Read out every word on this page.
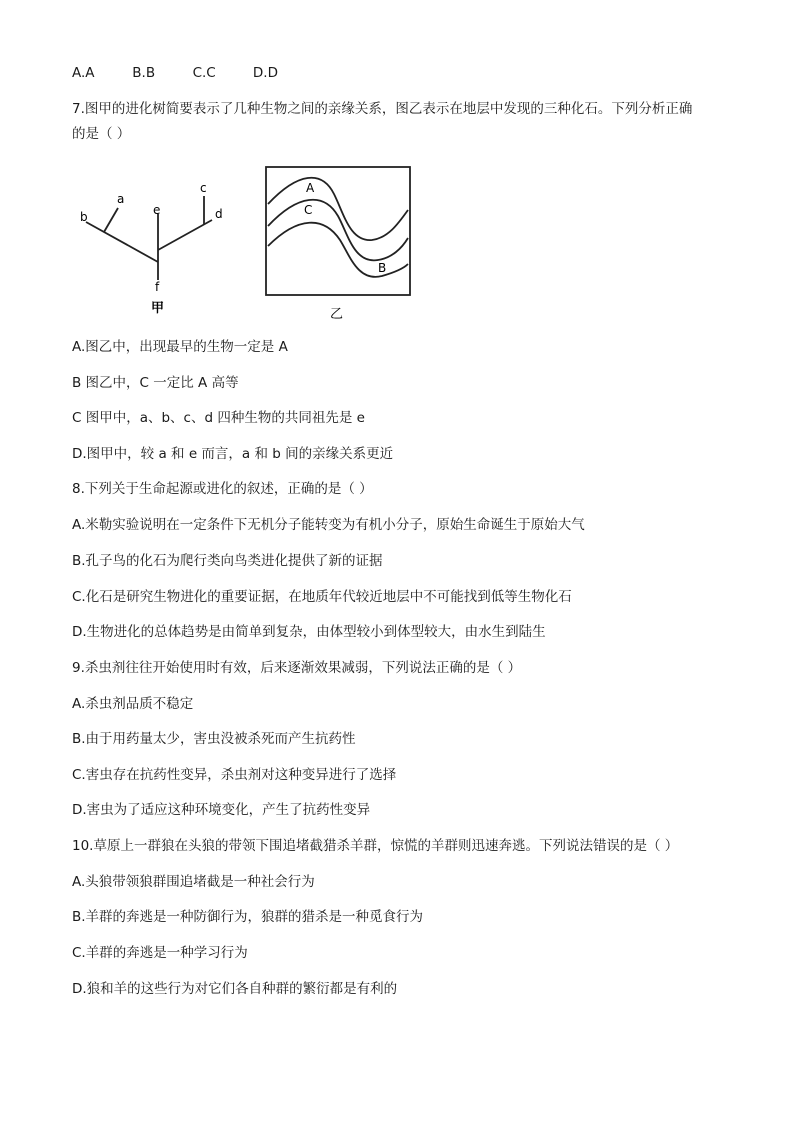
A.A	B.B	C.C	D.D
7.图甲的进化树简要表示了几种生物之间的亲缘关系，图乙表示在地层中发现的三种化石。下列分析正确
的是（ ）
b
a
e
c
d
f
甲
A
C
B
乙
A.图乙中，出现最早的生物一定是 A
B 图乙中，C 一定比 A 高等
C 图甲中，a、b、c、d 四种生物的共同祖先是 e
D.图甲中，较 a 和 e 而言，a 和 b 间的亲缘关系更近
8.下列关于生命起源或进化的叙述，正确的是（ ）
A.米勒实验说明在一定条件下无机分子能转变为有机小分子，原始生命诞生于原始大气
B.孔子鸟的化石为爬行类向鸟类进化提供了新的证据
C.化石是研究生物进化的重要证据，在地质年代较近地层中不可能找到低等生物化石
D.生物进化的总体趋势是由简单到复杂，由体型较小到体型较大，由水生到陆生
9.杀虫剂往往开始使用时有效，后来逐渐效果减弱，下列说法正确的是（ ）
A.杀虫剂品质不稳定
B.由于用药量太少，害虫没被杀死而产生抗药性
C.害虫存在抗药性变异，杀虫剂对这种变异进行了选择
D.害虫为了适应这种环境变化，产生了抗药性变异
10.草原上一群狼在头狼的带领下围追堵截猎杀羊群，惊慌的羊群则迅速奔逃。下列说法错误的是（ ）
A.头狼带领狼群围追堵截是一种社会行为
B.羊群的奔逃是一种防御行为，狼群的猎杀是一种觅食行为
C.羊群的奔逃是一种学习行为
D.狼和羊的这些行为对它们各自种群的繁衍都是有利的
